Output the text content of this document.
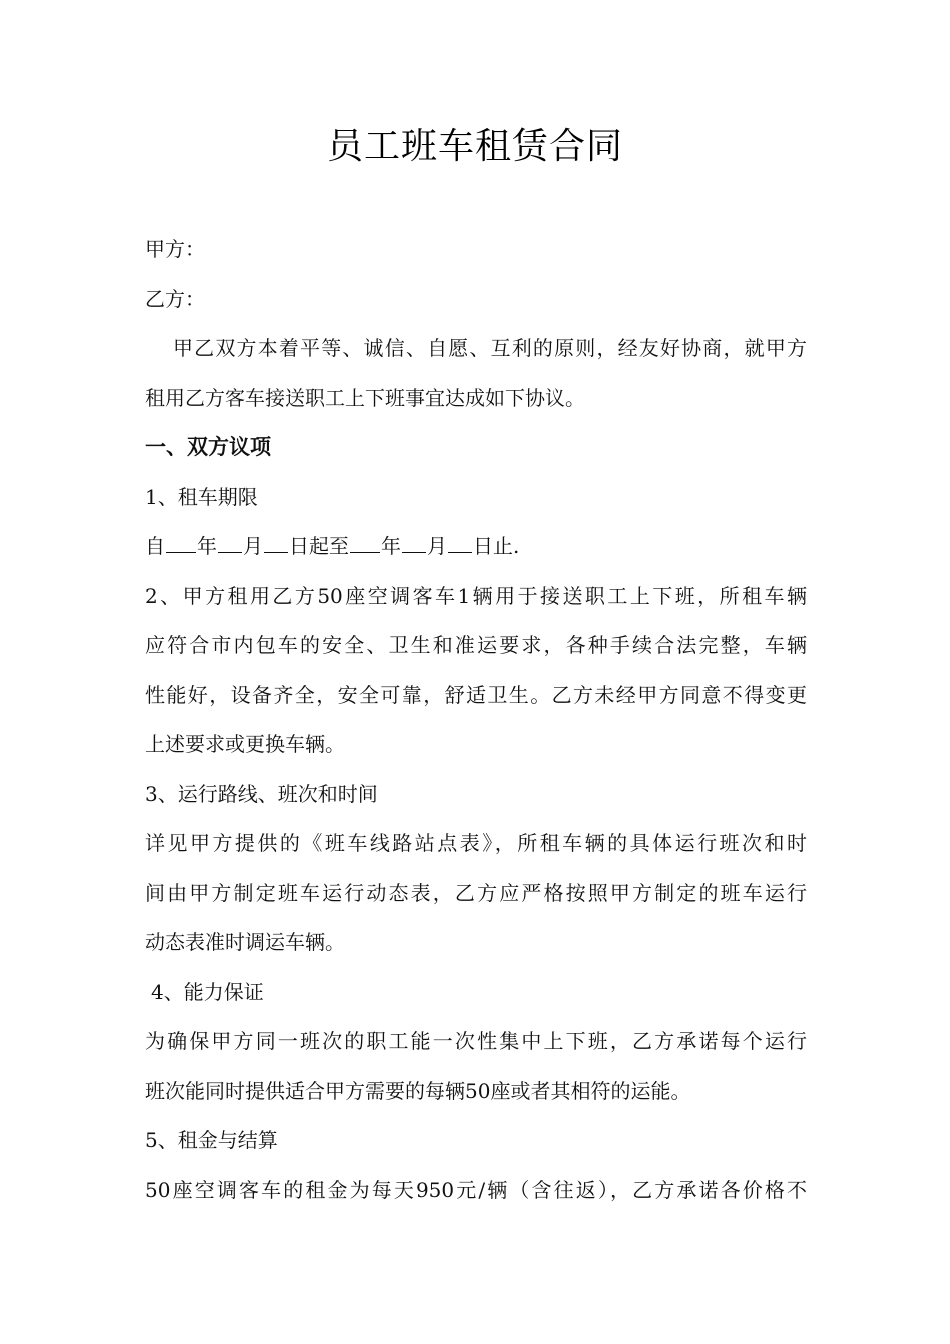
员工班车租赁合同
甲方：
乙方：
甲乙双方本着平等、诚信、自愿、互利的原则，经友好协商，就甲方
租用乙方客车接送职工上下班事宜达成如下协议。
一、双方议项
1、租车期限
自 年 月 日起至 年 月 日止.
2、甲方租用乙方50座空调客车1辆用于接送职工上下班，所租车辆
应符合市内包车的安全、卫生和准运要求，各种手续合法完整，车辆
性能好，设备齐全，安全可靠，舒适卫生。乙方未经甲方同意不得变更
上述要求或更换车辆。
3、运行路线、班次和时间
详见甲方提供的《班车线路站点表》，所租车辆的具体运行班次和时
间由甲方制定班车运行动态表，乙方应严格按照甲方制定的班车运行
动态表准时调运车辆。
4、能力保证
为确保甲方同一班次的职工能一次性集中上下班，乙方承诺每个运行
班次能同时提供适合甲方需要的每辆50座或者其相符的运能。
5、租金与结算
50座空调客车的租金为每天950元/辆（含往返），乙方承诺各价格不
